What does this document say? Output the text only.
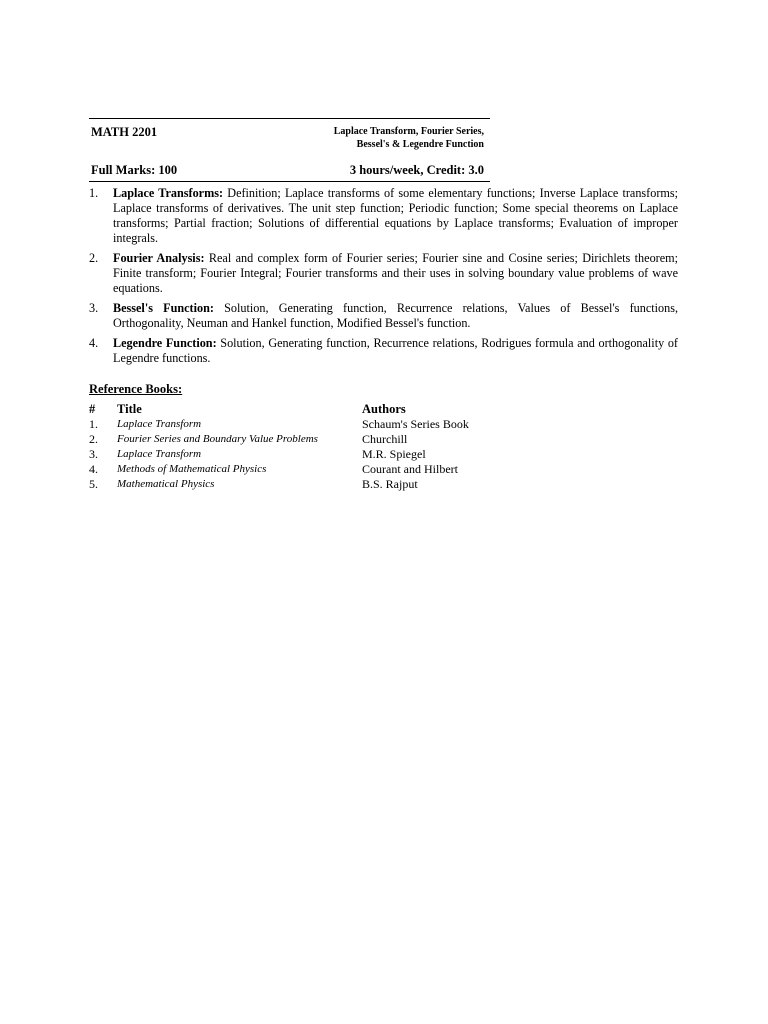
MATH 2201	Laplace Transform, Fourier Series,
Bessel's & Legendre Function
Full Marks: 100	3 hours/week, Credit: 3.0
1. Laplace Transforms: Definition; Laplace transforms of some elementary functions; Inverse Laplace transforms; Laplace transforms of derivatives. The unit step function; Periodic function; Some special theorems on Laplace transforms; Partial fraction; Solutions of differential equations by Laplace transforms; Evaluation of improper integrals.
2. Fourier Analysis: Real and complex form of Fourier series; Fourier sine and Cosine series; Dirichlets theorem; Finite transform; Fourier Integral; Fourier transforms and their uses in solving boundary value problems of wave equations.
3. Bessel's Function: Solution, Generating function, Recurrence relations, Values of Bessel's functions, Orthogonality, Neuman and Hankel function, Modified Bessel's function.
4. Legendre Function: Solution, Generating function, Recurrence relations, Rodrigues formula and orthogonality of Legendre functions.
Reference Books:
#	Title	Authors
1.	Laplace Transform	Schaum's Series Book
2.	Fourier Series and Boundary Value Problems	Churchill
3.	Laplace Transform	M.R. Spiegel
4.	Methods of Mathematical Physics	Courant and Hilbert
5.	Mathematical Physics	B.S. Rajput
